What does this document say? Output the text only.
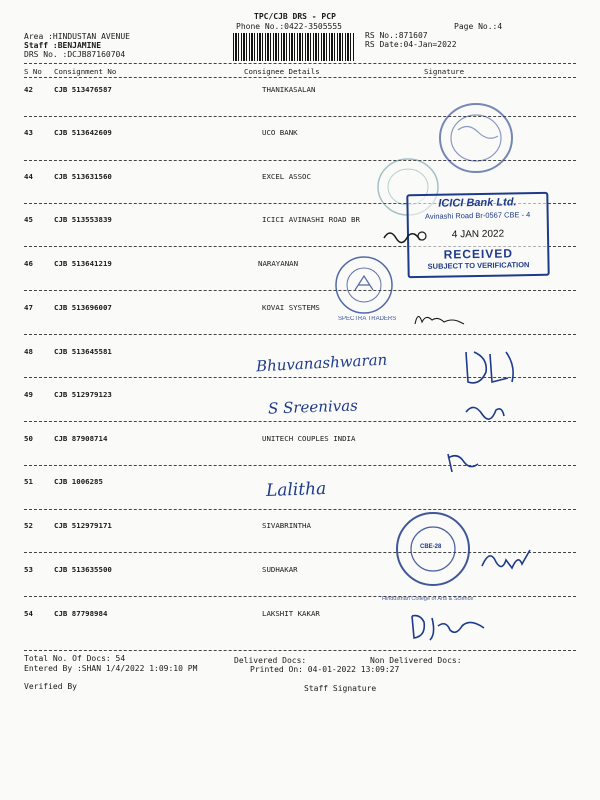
TPC/CJB DRS - PCP
Phone No.:0422-3505555	Page No.:4
Area :HINDUSTAN AVENUE
Staff :BENJAMINE
DRS No. :DCJB87160704
RS No.:871607
RS Date:04-Jan=2022
S No Consignment No	Consignee Details	Signature
42	CJB 513476587	THANIKASALAN
43	CJB 513642609	UCO BANK
44	CJB 513631560	EXCEL ASSOC
45	CJB 513553839	ICICI AVINASHI ROAD BR
46	CJB 513641219	NARAYANAN
47	CJB 513696007	KOVAI SYSTEMS
48	CJB 513645581
49	CJB 512979123
50	CJB 87908714	UNITECH COUPLES INDIA
51	CJB 1006285
52	CJB 512979171	SIVABRINTHA
53	CJB 513635500	SUDHAKAR
54	CJB 87798984	LAKSHIT KAKAR
Total No. Of Docs: 54	Delivered Docs:	Non Delivered Docs:
Entered By :SHAN 1/4/2022 1:09:10 PM	Printed On: 04-01-2022 13:09:27
Verified By	Staff Signature
ICICI Bank Ltd.
Avinashi Road Br-0567 CBE - 4
4 JAN 2022
RECEIVED
SUBJECT TO VERIFICATION
SPECTRA TRADERS
Bhuvanashwaran
S Sreenivas
Lalitha
CBE-28
Hindusthan College of Arts & Science
